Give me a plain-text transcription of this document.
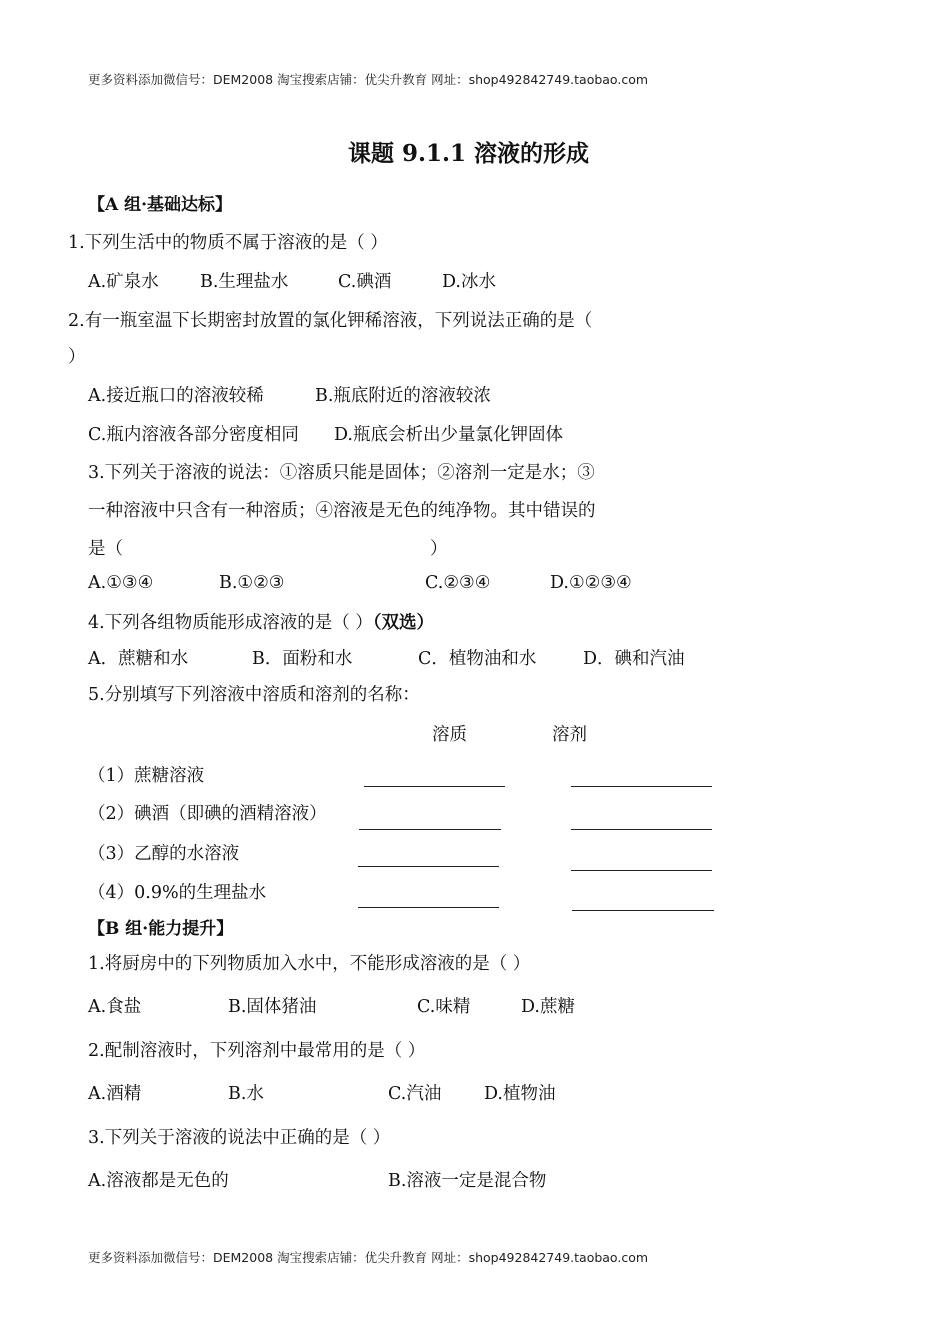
更多资料添加微信号：DEM2008 淘宝搜索店铺：优尖升教育 网址：shop492842749.taobao.com
课题 9.1.1 溶液的形成
【A 组·基础达标】
1.下列生活中的物质不属于溶液的是（ ）
A.矿泉水 B.生理盐水	C.碘酒	D.冰水
2.有一瓶室温下长期密封放置的氯化钾稀溶液，下列说法正确的是（
）
A.接近瓶口的溶液较稀	B.瓶底附近的溶液较浓
C.瓶内溶液各部分密度相同 D.瓶底会析出少量氯化钾固体
3.下列关于溶液的说法：①溶质只能是固体；②溶剂一定是水；③
一种溶液中只含有一种溶质；④溶液是无色的纯净物。其中错误的
是（	）
A.①③④	B.①②③	C.②③④	D.①②③④
4.下列各组物质能形成溶液的是（ ）（双选）
A．蔗糖和水	B．面粉和水	C．植物油和水	D．碘和汽油
5.分别填写下列溶液中溶质和溶剂的名称：
溶质	溶剂
（1）蔗糖溶液
（2）碘酒（即碘的酒精溶液）
（3）乙醇的水溶液
（4）0.9%的生理盐水
【B 组·能力提升】
1.将厨房中的下列物质加入水中，不能形成溶液的是（ ）
A.食盐	B.固体猪油	C.味精	D.蔗糖
2.配制溶液时，下列溶剂中最常用的是（ ）
A.酒精	B.水	C.汽油 D.植物油
3.下列关于溶液的说法中正确的是（ ）
A.溶液都是无色的	B.溶液一定是混合物
更多资料添加微信号：DEM2008 淘宝搜索店铺：优尖升教育 网址：shop492842749.taobao.com
